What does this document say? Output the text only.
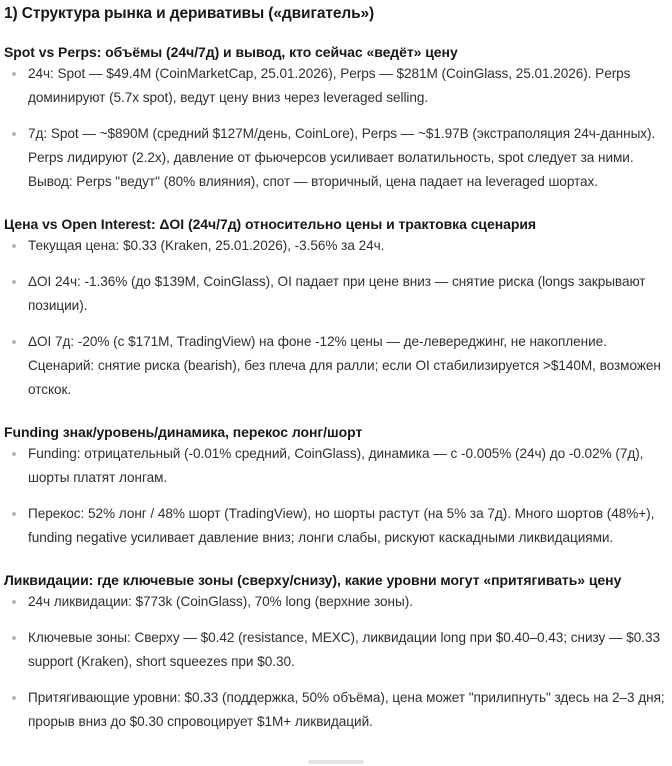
1) Структура рынка и деривативы («двигатель»)
Spot vs Perps: объёмы (24ч/7д) и вывод, кто сейчас «ведёт» цену
24ч: Spot — $49.4M (CoinMarketCap, 25.01.2026), Perps — $281M (CoinGlass, 25.01.2026). Perps доминируют (5.7x spot), ведут цену вниз через leveraged selling.
7д: Spot — ~$890M (средний $127M/день, CoinLore), Perps — ~$1.97B (экстраполяция 24ч-данных). Perps лидируют (2.2x), давление от фьючерсов усиливает волатильность, spot следует за ними. Вывод: Perps "ведут" (80% влияния), спот — вторичный, цена падает на leveraged шортах.
Цена vs Open Interest: ΔOI (24ч/7д) относительно цены и трактовка сценария
Текущая цена: $0.33 (Kraken, 25.01.2026), -3.56% за 24ч.
ΔOI 24ч: -1.36% (до $139M, CoinGlass), OI падает при цене вниз — снятие риска (longs закрывают позиции).
ΔOI 7д: -20% (с $171M, TradingView) на фоне -12% цены — де-левереджинг, не накопление. Сценарий: снятие риска (bearish), без плеча для ралли; если OI стабилизируется >$140M, возможен отскок.
Funding знак/уровень/динамика, перекос лонг/шорт
Funding: отрицательный (-0.01% средний, CoinGlass), динамика — с -0.005% (24ч) до -0.02% (7д), шорты платят лонгам.
Перекос: 52% лонг / 48% шорт (TradingView), но шорты растут (на 5% за 7д). Много шортов (48%+), funding negative усиливает давление вниз; лонги слабы, рискуют каскадными ликвидациями.
Ликвидации: где ключевые зоны (сверху/снизу), какие уровни могут «притягивать» цену
24ч ликвидации: $773k (CoinGlass), 70% long (верхние зоны).
Ключевые зоны: Сверху — $0.42 (resistance, MEXC), ликвидации long при $0.40–0.43; снизу — $0.33 support (Kraken), short squeezes при $0.30.
Притягивающие уровни: $0.33 (поддержка, 50% объёма), цена может "прилипнуть" здесь на 2–3 дня; прорыв вниз до $0.30 спровоцирует $1M+ ликвидаций.
